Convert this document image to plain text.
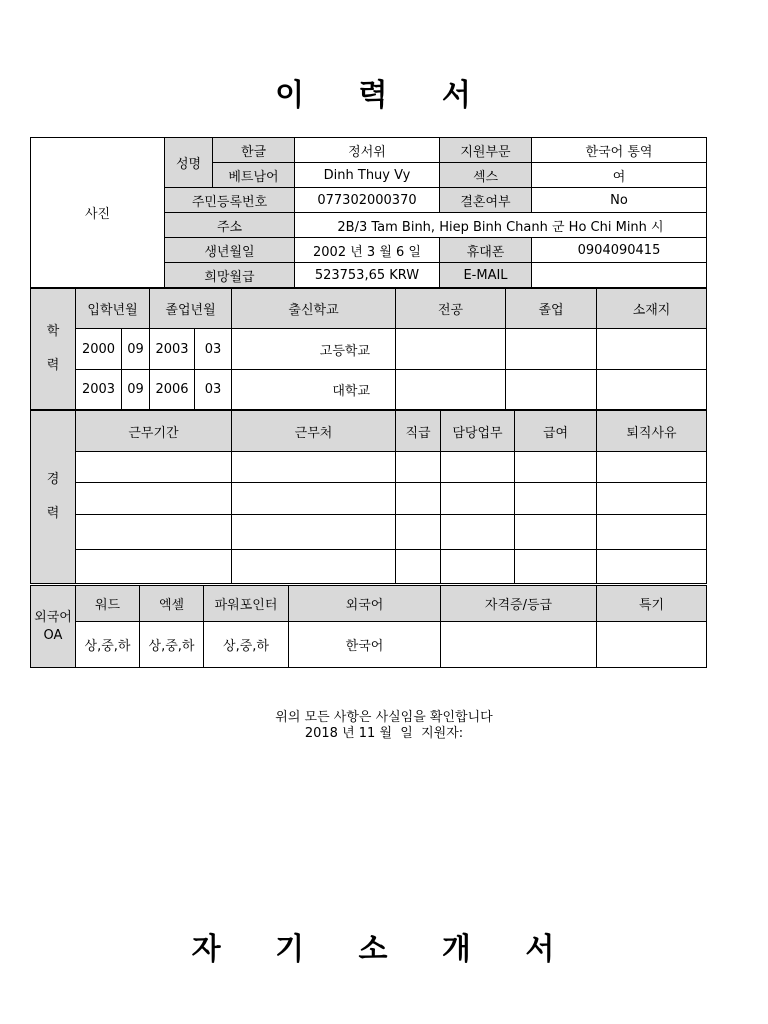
이 력 서
사진	성명	한글	정서위	지원부문	한국어 통역
		베트남어	Dinh Thuy Vy	섹스	여
	주민등록번호		077302000370	결혼여부	No
	주소		2B/3 Tam Binh, Hiep Binh Chanh 군 Ho Chi Minh 시		
	생년월일		2002 년 3 월 6 일	휴대폰	0904090415
	희망월급		523753,65 KRW	E-MAIL	
학
력	입학년월		졸업년월		출신학교	전공	졸업	소재지
	2000	09	2003	03	고등학교			
	2003	09	2006	03	대학교			
경
력	근무기간	근무처	직급	담당업무	급여	퇴직사유

외국어
OA	워드	엑셀	파워포인터	외국어	자격증/등급	특기
	상,중,하	상,중,하	상,중,하	한국어		
위의 모든 사항은 사실임을 확인합니다
2018 년 11 월  일  지원자:
자 기 소 개 서
